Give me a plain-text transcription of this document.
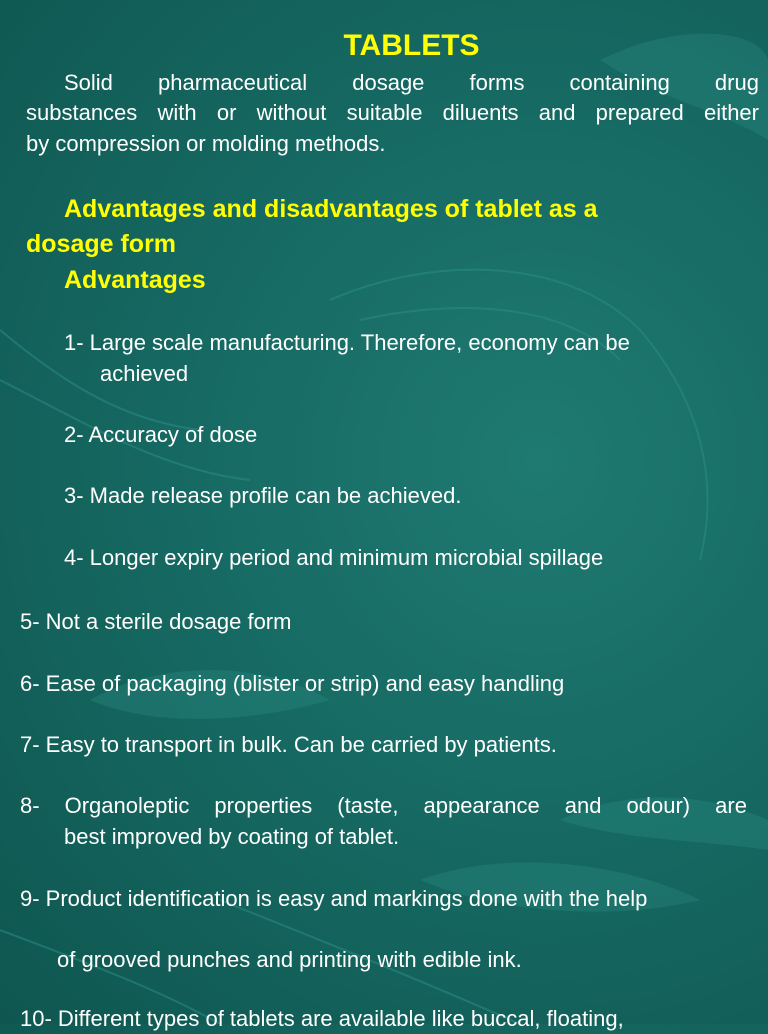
TABLETS
Solid pharmaceutical dosage forms containing drug
substances with or without suitable diluents and prepared either
by compression or molding methods.
Advantages and disadvantages of tablet as a
dosage form
Advantages
1- Large scale manufacturing. Therefore, economy can be
achieved
2- Accuracy of dose
3- Made release profile can be achieved.
4- Longer expiry period and minimum microbial spillage
5- Not a sterile dosage form
6- Ease of packaging (blister or strip) and easy handling
7- Easy to transport in bulk. Can be carried by patients.
8- Organoleptic properties (taste, appearance and odour) are
best improved by coating of tablet.
9- Product identification is easy and markings done with the help
of grooved punches and printing with edible ink.
10- Different types of tablets are available like buccal, floating,
